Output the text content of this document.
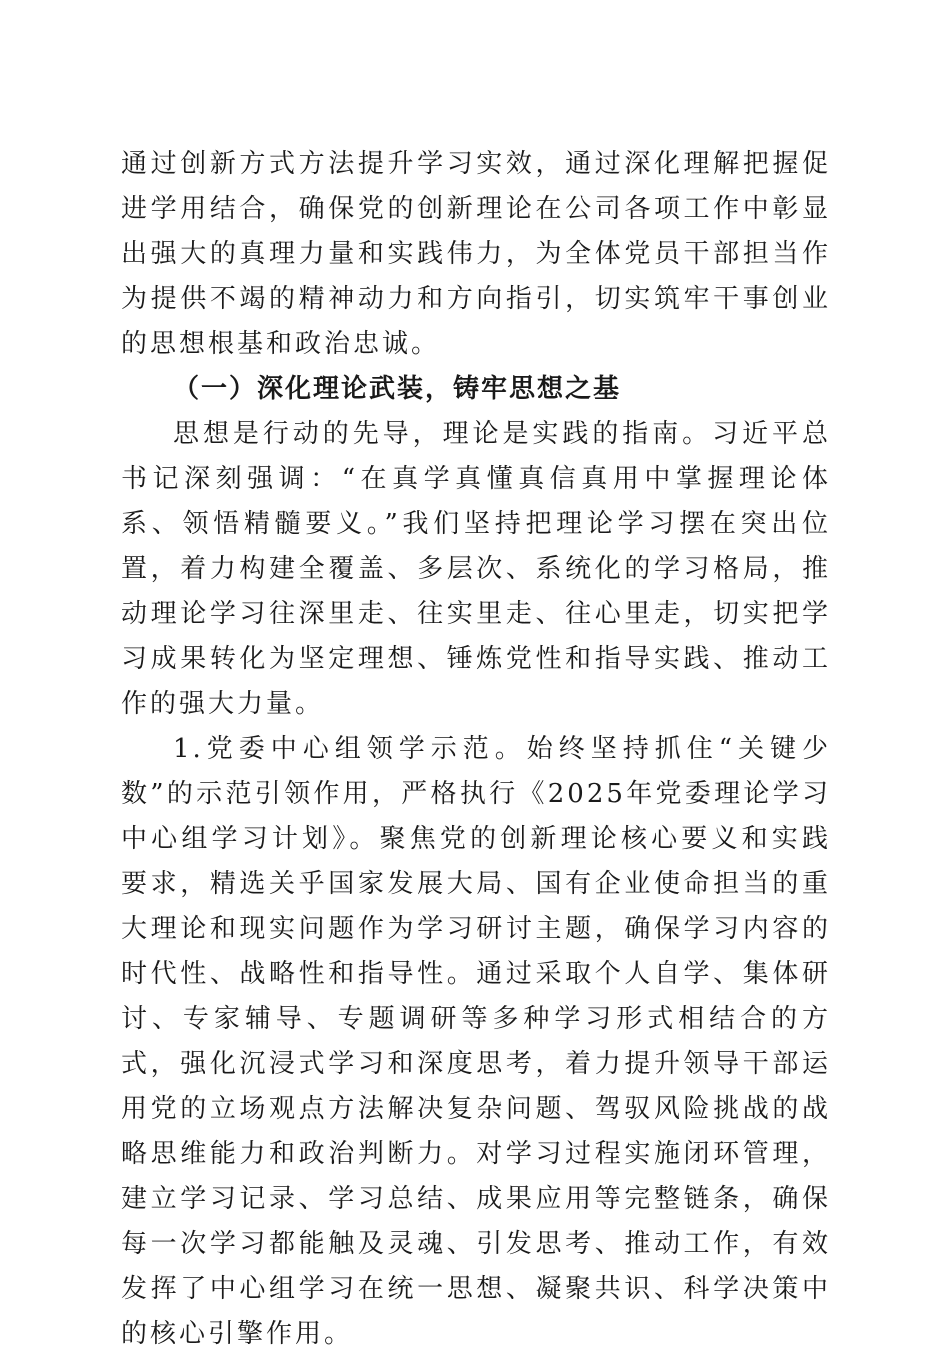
通过创新方式方法提升学习实效，通过深化理解把握促进学用结合，确保党的创新理论在公司各项工作中彰显出强大的真理力量和实践伟力，为全体党员干部担当作为提供不竭的精神动力和方向指引，切实筑牢干事创业的思想根基和政治忠诚。

（一）深化理论武装，铸牢思想之基

思想是行动的先导，理论是实践的指南。习近平总书记深刻强调：“在真学真懂真信真用中掌握理论体系、领悟精髓要义。”我们坚持把理论学习摆在突出位置，着力构建全覆盖、多层次、系统化的学习格局，推动理论学习往深里走、往实里走、往心里走，切实把学习成果转化为坚定理想、锤炼党性和指导实践、推动工作的强大力量。

1.党委中心组领学示范。始终坚持抓住“关键少数”的示范引领作用，严格执行《2025年党委理论学习中心组学习计划》。聚焦党的创新理论核心要义和实践要求，精选关乎国家发展大局、国有企业使命担当的重大理论和现实问题作为学习研讨主题，确保学习内容的时代性、战略性和指导性。通过采取个人自学、集体研讨、专家辅导、专题调研等多种学习形式相结合的方式，强化沉浸式学习和深度思考，着力提升领导干部运用党的立场观点方法解决复杂问题、驾驭风险挑战的战略思维能力和政治判断力。对学习过程实施闭环管理，建立学习记录、学习总结、成果应用等完整链条，确保每一次学习都能触及灵魂、引发思考、推动工作，有效发挥了中心组学习在统一思想、凝聚共识、科学决策中的核心引擎作用。
